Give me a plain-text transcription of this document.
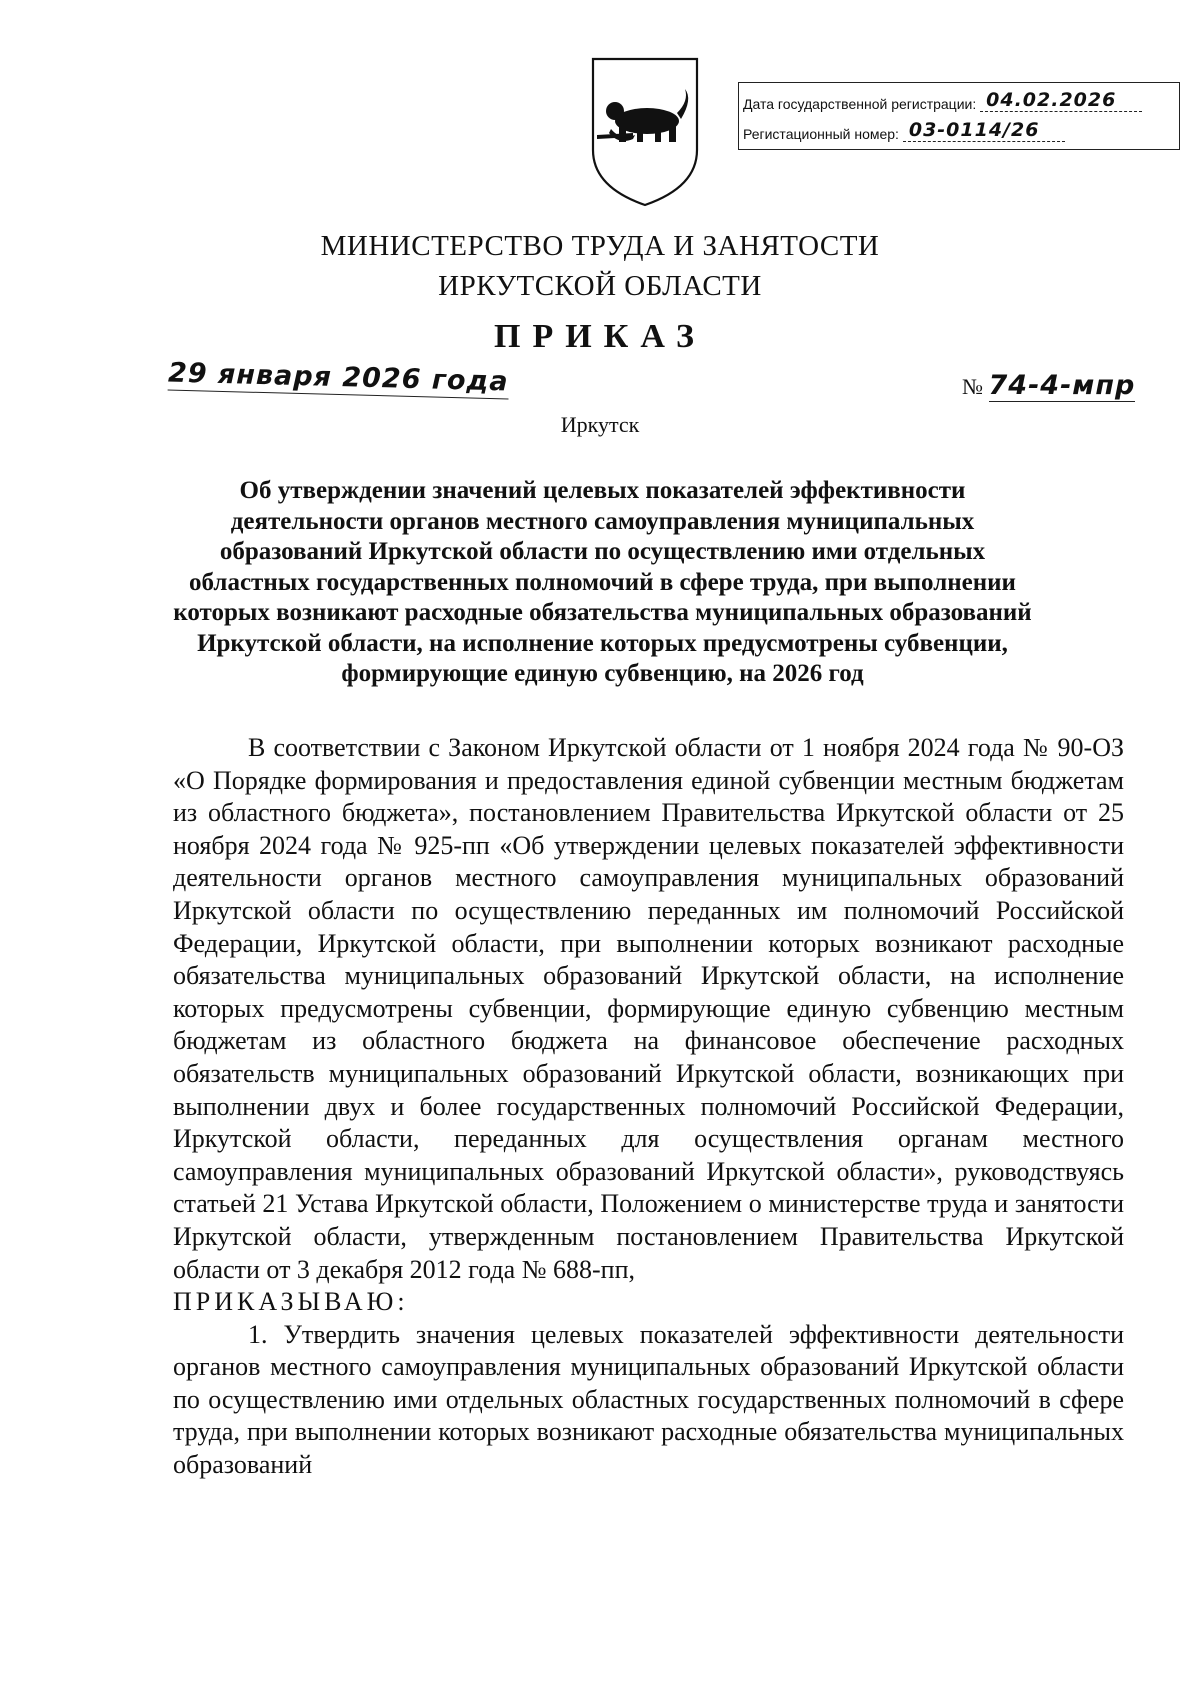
Дата государственной регистрации: 04.02.2026
Регистационный номер: 03-0114/26
МИНИСТЕРСТВО ТРУДА И ЗАНЯТОСТИ
ИРКУТСКОЙ ОБЛАСТИ
ПРИКАЗ
29 января 2026 года	№ 74-4-мпр
Иркутск
Об утверждении значений целевых показателей эффективности деятельности органов местного самоуправления муниципальных образований Иркутской области по осуществлению ими отдельных областных государственных полномочий в сфере труда, при выполнении которых возникают расходные обязательства муниципальных образований Иркутской области, на исполнение которых предусмотрены субвенции, формирующие единую субвенцию, на 2026 год

В соответствии с Законом Иркутской области от 1 ноября 2024 года № 90-ОЗ «О Порядке формирования и предоставления единой субвенции местным бюджетам из областного бюджета», постановлением Правительства Иркутской области от 25 ноября 2024 года № 925-пп «Об утверждении целевых показателей эффективности деятельности органов местного самоуправления муниципальных образований Иркутской области по осуществлению переданных им полномочий Российской Федерации, Иркутской области, при выполнении которых возникают расходные обязательства муниципальных образований Иркутской области, на исполнение которых предусмотрены субвенции, формирующие единую субвенцию местным бюджетам из областного бюджета на финансовое обеспечение расходных обязательств муниципальных образований Иркутской области, возникающих при выполнении двух и более государственных полномочий Российской Федерации, Иркутской области, переданных для осуществления органам местного самоуправления муниципальных образований Иркутской области», руководствуясь статьей 21 Устава Иркутской области, Положением о министерстве труда и занятости Иркутской области, утвержденным постановлением Правительства Иркутской области от 3 декабря 2012 года № 688-пп,

ПРИКАЗЫВАЮ:

1. Утвердить значения целевых показателей эффективности деятельности органов местного самоуправления муниципальных образований Иркутской области по осуществлению ими отдельных областных государственных полномочий в сфере труда, при выполнении которых возникают расходные обязательства муниципальных образований
